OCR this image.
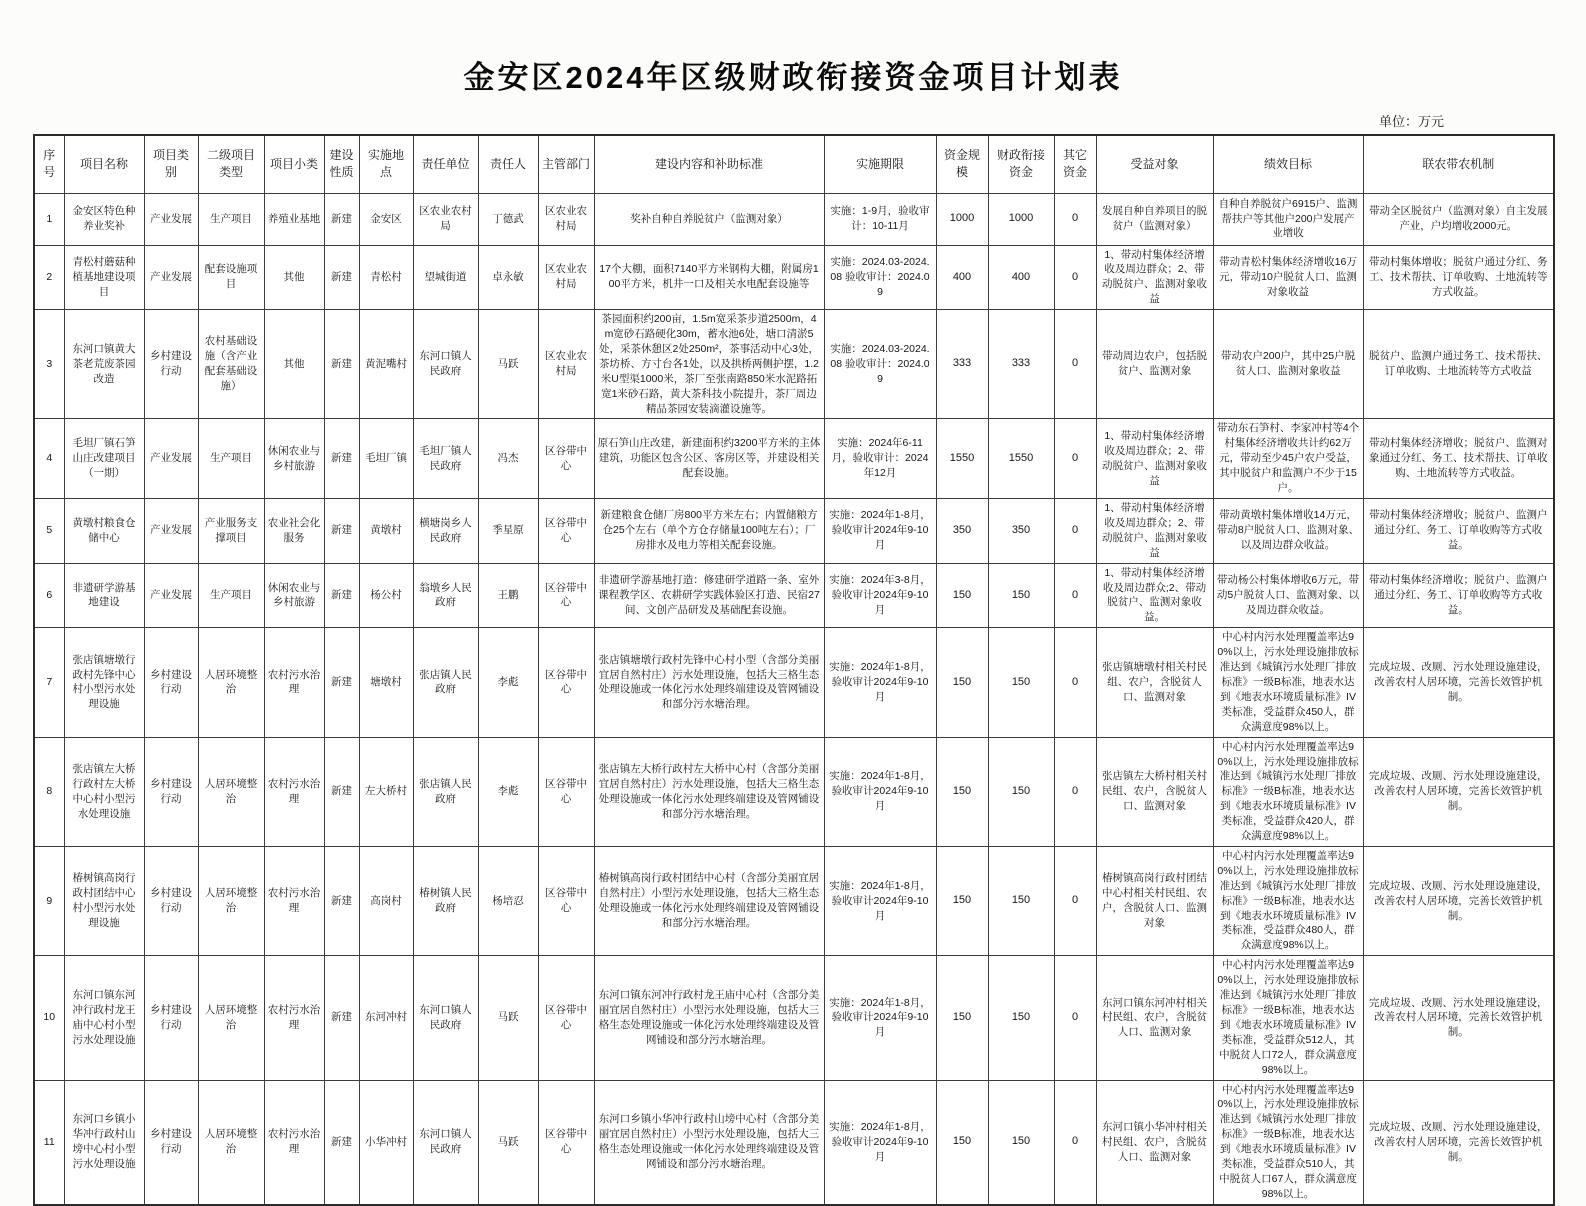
金安区2024年区级财政衔接资金项目计划表
单位：万元
序号	项目名称	项目类别	二级项目类型	项目小类	建设性质	实施地点	责任单位	责任人	主管部门	建设内容和补助标准	实施期限	资金规模	财政衔接资金	其它资金	受益对象	绩效目标	联农带农机制
1	金安区特色种养业奖补	产业发展	生产项目	养殖业基地	新建	金安区	区农业农村局	丁德武	区农业农村局	奖补自种自养脱贫户（监测对象）	实施：1-9月，验收审计：10-11月	1000	1000	0	发展自种自养项目的脱贫户（监测对象）	自种自养脱贫户6915户、监测帮扶户等其他户200户发展产业增收	带动全区脱贫户（监测对象）自主发展产业，户均增收2000元。
2	青松村蘑菇种植基地建设项目	产业发展	配套设施项目	其他	新建	青松村	望城街道	卓永敏	区农业农村局	17个大棚，面积7140平方米钢构大棚，附属房100平方米，机井一口及相关水电配套设施等	实施：2024.03-2024.08 验收审计：2024.09	400	400	0	1、带动村集体经济增收及周边群众；2、带动脱贫户、监测对象收益	带动青松村集体经济增收16万元，带动10户脱贫人口、监测对象收益	带动村集体增收；脱贫户通过分红、务工、技术帮扶、订单收购、土地流转等方式收益。
3	东河口镇黄大茶老荒废茶园改造	乡村建设行动	农村基础设施（含产业配套基础设施）	其他	新建	黄泥嘴村	东河口镇人民政府	马跃	区农业农村局	茶园面积约200亩，1.5m宽采茶步道2500m，4m宽砂石路硬化30m，蓄水池6处，塘口清淤5处，采茶休憩区2处250m²，茶事活动中心3处，茶坊桥、方寸台各1处，以及拱桥两侧护摆，1.2米U型渠1000米，茶厂至张南路850米水泥路拓宽1米砂石路，黄大茶科技小院提升，茶厂周边精品茶园安装滴灌设施等。	实施：2024.03-2024.08 验收审计：2024.09	333	333	0	带动周边农户，包括脱贫户、监测对象	带动农户200户，其中25户脱贫人口、监测对象收益	脱贫户、监测户通过务工、技术帮扶、订单收购、土地流转等方式收益
4	毛坦厂镇石笋山庄改建项目（一期）	产业发展	生产项目	休闲农业与乡村旅游	新建	毛坦厂镇	毛坦厂镇人民政府	冯杰	区谷带中心	原石笋山庄改建，新建面积约3200平方米的主体建筑，功能区包含公区、客房区等，并建设相关配套设施。	实施：2024年6-11月，验收审计：2024年12月	1550	1550	0	1、带动村集体经济增收及周边群众；2、带动脱贫户、监测对象收益	带动东石笋村、李家冲村等4个村集体经济增收共计约62万元，带动至少45户农户受益，其中脱贫户和监测户不少于15户。	带动村集体经济增收；脱贫户、监测对象通过分红、务工、技术帮扶、订单收购、土地流转等方式收益。
5	黄墩村粮食仓储中心	产业发展	产业服务支撑项目	农业社会化服务	新建	黄墩村	横塘岗乡人民政府	季星原	区谷带中心	新建粮食仓储厂房800平方米左右；内置储粮方仓25个左右（单个方仓存储量100吨左右）；厂房排水及电力等相关配套设施。	实施：2024年1-8月，验收审计2024年9-10月	350	350	0	1、带动村集体经济增收及周边群众；2、带动脱贫户、监测对象收益	带动黄墩村集体增收14万元，带动8户脱贫人口、监测对象、以及周边群众收益。	带动村集体经济增收；脱贫户、监测户通过分红、务工、订单收购等方式收益。
6	非遗研学游基地建设	产业发展	生产项目	休闲农业与乡村旅游	新建	杨公村	翁墩乡人民政府	王鹏	区谷带中心	非遗研学游基地打造：修建研学道路一条、室外课程教学区、农耕研学实践体验区打造、民宿27间、文创产品研发及基础配套设施。	实施：2024年3-8月，验收审计2024年9-10月	150	150	0	1、带动村集体经济增收及周边群众;2、带动脱贫户、监测对象收益。	带动杨公村集体增收6万元，带动5户脱贫人口、监测对象、以及周边群众收益。	带动村集体经济增收；脱贫户、监测户通过分红、务工、订单收购等方式收益。
7	张店镇塘墩行政村先锋中心村小型污水处理设施	乡村建设行动	人居环境整治	农村污水治理	新建	塘墩村	张店镇人民政府	李彪	区谷带中心	张店镇塘墩行政村先锋中心村小型（含部分美丽宜居自然村庄）污水处理设施，包括大三格生态处理设施或一体化污水处理终端建设及管网铺设和部分污水塘治理。	实施：2024年1-8月，验收审计2024年9-10月	150	150	0	张店镇塘墩村相关村民组、农户，含脱贫人口、监测对象	中心村内污水处理覆盖率达90%以上，污水处理设施排放标准达到《城镇污水处理厂排放标准》一级B标准，地表水达到《地表水环境质量标准》IV类标准，受益群众450人，群众满意度98%以上。	完成垃圾、改厕、污水处理设施建设，改善农村人居环境，完善长效管护机制。
8	张店镇左大桥行政村左大桥中心村小型污水处理设施	乡村建设行动	人居环境整治	农村污水治理	新建	左大桥村	张店镇人民政府	李彪	区谷带中心	张店镇左大桥行政村左大桥中心村（含部分美丽宜居自然村庄）污水处理设施，包括大三格生态处理设施或一体化污水处理终端建设及管网铺设和部分污水塘治理。	实施：2024年1-8月，验收审计2024年9-10月	150	150	0	张店镇左大桥村相关村民组、农户，含脱贫人口、监测对象	中心村内污水处理覆盖率达90%以上，污水处理设施排放标准达到《城镇污水处理厂排放标准》一级B标准，地表水达到《地表水环境质量标准》IV类标准，受益群众420人，群众满意度98%以上。	完成垃圾、改厕、污水处理设施建设，改善农村人居环境，完善长效管护机制。
9	椿树镇高岗行政村团结中心村小型污水处理设施	乡村建设行动	人居环境整治	农村污水治理	新建	高岗村	椿树镇人民政府	杨培忍	区谷带中心	椿树镇高岗行政村团结中心村（含部分美丽宜居自然村庄）小型污水处理设施，包括大三格生态处理设施或一体化污水处理终端建设及管网铺设和部分污水塘治理。	实施：2024年1-8月，验收审计2024年9-10月	150	150	0	椿树镇高岗行政村团结中心村相关村民组、农户，含脱贫人口、监测对象	中心村内污水处理覆盖率达90%以上，污水处理设施排放标准达到《城镇污水处理厂排放标准》一级B标准，地表水达到《地表水环境质量标准》IV类标准，受益群众480人，群众满意度98%以上。	完成垃圾、改厕、污水处理设施建设，改善农村人居环境，完善长效管护机制。
10	东河口镇东河冲行政村龙王庙中心村小型污水处理设施	乡村建设行动	人居环境整治	农村污水治理	新建	东河冲村	东河口镇人民政府	马跃	区谷带中心	东河口镇东河冲行政村龙王庙中心村（含部分美丽宜居自然村庄）小型污水处理设施，包括大三格生态处理设施或一体化污水处理终端建设及管网铺设和部分污水塘治理。	实施：2024年1-8月，验收审计2024年9-10月	150	150	0	东河口镇东河冲村相关村民组、农户，含脱贫人口、监测对象	中心村内污水处理覆盖率达90%以上，污水处理设施排放标准达到《城镇污水处理厂排放标准》一级B标准，地表水达到《地表水环境质量标准》IV类标准，受益群众512人，其中脱贫人口72人，群众满意度98%以上。	完成垃圾、改厕、污水处理设施建设，改善农村人居环境，完善长效管护机制。
11	东河口乡镇小华冲行政村山塝中心村小型污水处理设施	乡村建设行动	人居环境整治	农村污水治理	新建	小华冲村	东河口镇人民政府	马跃	区谷带中心	东河口乡镇小华冲行政村山塝中心村（含部分美丽宜居自然村庄）小型污水处理设施，包括大三格生态处理设施或一体化污水处理终端建设及管网铺设和部分污水塘治理。	实施：2024年1-8月，验收审计2024年9-10月	150	150	0	东河口镇小华冲村相关村民组、农户，含脱贫人口、监测对象	中心村内污水处理覆盖率达90%以上，污水处理设施排放标准达到《城镇污水处理厂排放标准》一级B标准，地表水达到《地表水环境质量标准》IV类标准，受益群众510人，其中脱贫人口67人，群众满意度98%以上。	完成垃圾、改厕、污水处理设施建设，改善农村人居环境，完善长效管护机制。
